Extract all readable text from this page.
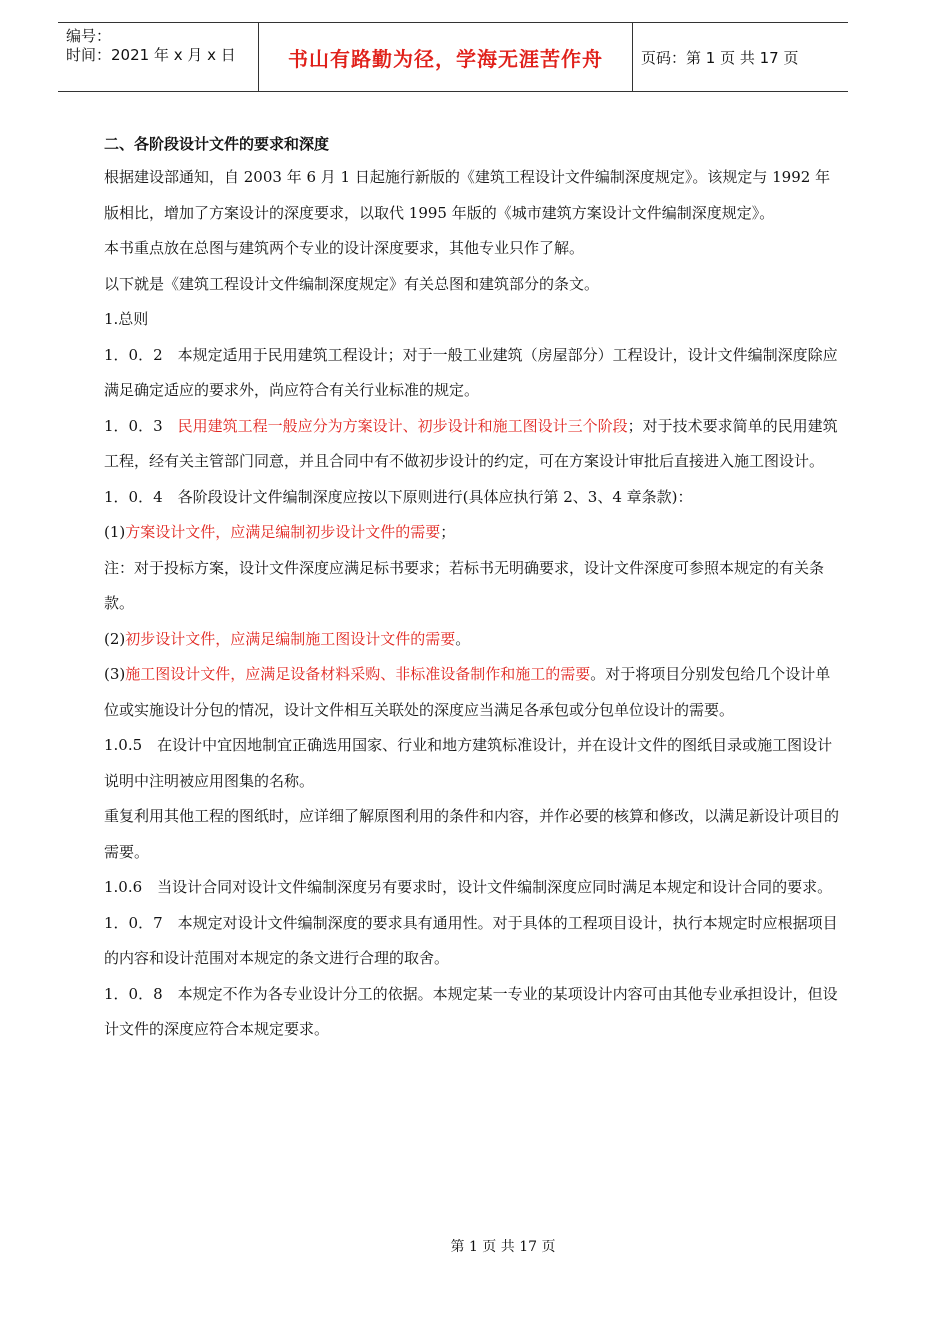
编号：
时间：2021 年 x 月 x 日	书山有路勤为径，学海无涯苦作舟	页码：第 1 页 共 17 页

二、各阶段设计文件的要求和深度

根据建设部通知，自 2003 年 6 月 1 日起施行新版的《建筑工程设计文件编制深度规定》。该规定与 1992 年版相比，增加了方案设计的深度要求，以取代 1995 年版的《城市建筑方案设计文件编制深度规定》。

本书重点放在总图与建筑两个专业的设计深度要求，其他专业只作了解。

以下就是《建筑工程设计文件编制深度规定》有关总图和建筑部分的条文。

1.总则

1．0．2　本规定适用于民用建筑工程设计；对于一般工业建筑（房屋部分）工程设计，设计文件编制深度除应满足确定适应的要求外，尚应符合有关行业标准的规定。

1．0．3　民用建筑工程一般应分为方案设计、初步设计和施工图设计三个阶段；对于技术要求简单的民用建筑工程，经有关主管部门同意，并且合同中有不做初步设计的约定，可在方案设计审批后直接进入施工图设计。

1．0．4　各阶段设计文件编制深度应按以下原则进行(具体应执行第 2、3、4 章条款)：

(1)方案设计文件，应满足编制初步设计文件的需要；

注：对于投标方案，设计文件深度应满足标书要求；若标书无明确要求，设计文件深度可参照本规定的有关条款。

(2)初步设计文件，应满足编制施工图设计文件的需要。

(3)施工图设计文件，应满足设备材料采购、非标准设备制作和施工的需要。对于将项目分别发包给几个设计单位或实施设计分包的情况，设计文件相互关联处的深度应当满足各承包或分包单位设计的需要。

1.0.5　在设计中宜因地制宜正确选用国家、行业和地方建筑标准设计，并在设计文件的图纸目录或施工图设计说明中注明被应用图集的名称。

重复利用其他工程的图纸时，应详细了解原图利用的条件和内容，并作必要的核算和修改，以满足新设计项目的需要。

1.0.6　当设计合同对设计文件编制深度另有要求时，设计文件编制深度应同时满足本规定和设计合同的要求。

1．0．7　本规定对设计文件编制深度的要求具有通用性。对于具体的工程项目设计，执行本规定时应根据项目的内容和设计范围对本规定的条文进行合理的取舍。

1．0．8　本规定不作为各专业设计分工的依据。本规定某一专业的某项设计内容可由其他专业承担设计，但设计文件的深度应符合本规定要求。

第 1 页 共 17 页
